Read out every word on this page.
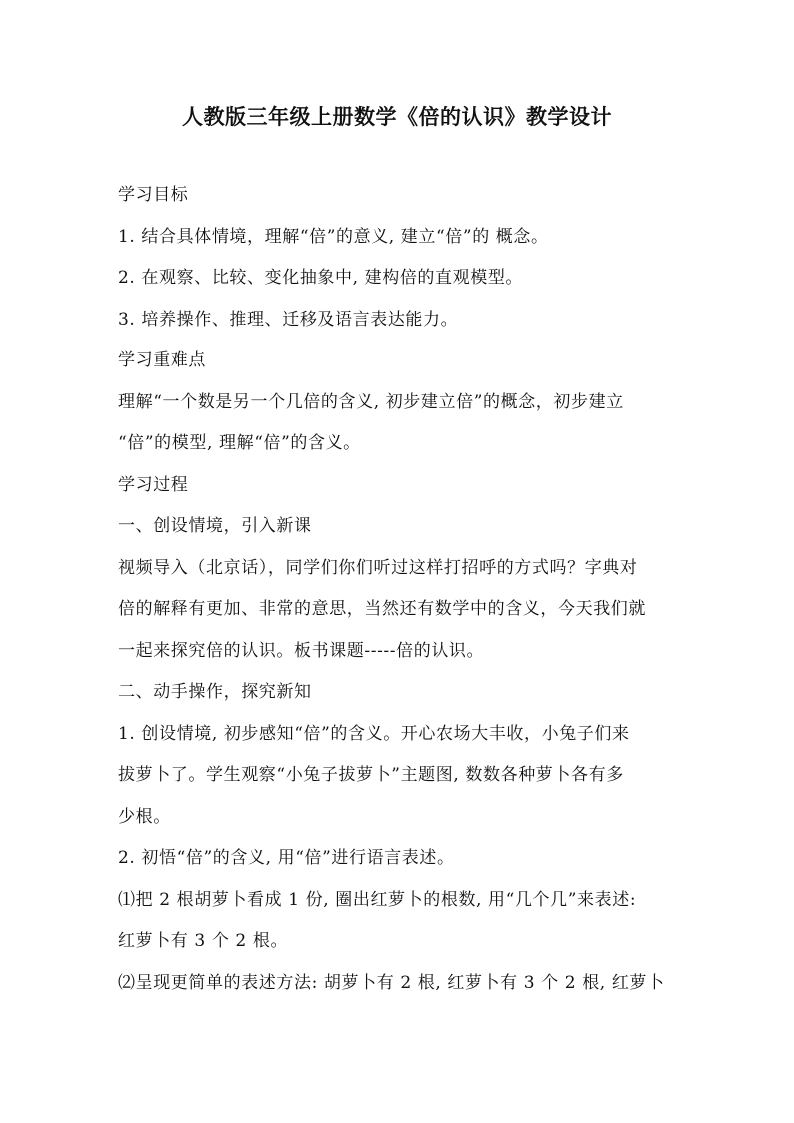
人教版三年级上册数学《倍的认识》教学设计
学习目标
1. 结合具体情境，理解“倍”的意义, 建立“倍”的 概念。
2. 在观察、比较、变化抽象中, 建构倍的直观模型。
3. 培养操作、推理、迁移及语言表达能力。
学习重难点
理解“一个数是另一个几倍的含义, 初步建立倍”的概念，初步建立
“倍”的模型, 理解“倍”的含义。
学习过程
一、创设情境，引入新课
视频导入（北京话），同学们你们听过这样打招呼的方式吗？字典对
倍的解释有更加、非常的意思，当然还有数学中的含义，今天我们就
一起来探究倍的认识。板书课题-----倍的认识。
二、动手操作，探究新知
1. 创设情境, 初步感知“倍”的含义。开心农场大丰收，小兔子们来
拔萝卜了。学生观察“小兔子拔萝卜”主题图, 数数各种萝卜各有多
少根。
2. 初悟“倍”的含义, 用“倍”进行语言表述。
⑴把 2 根胡萝卜看成 1 份, 圈出红萝卜的根数, 用“几个几”来表述:
红萝卜有 3 个 2 根。
⑵呈现更简单的表述方法: 胡萝卜有 2 根, 红萝卜有 3 个 2 根, 红萝卜
